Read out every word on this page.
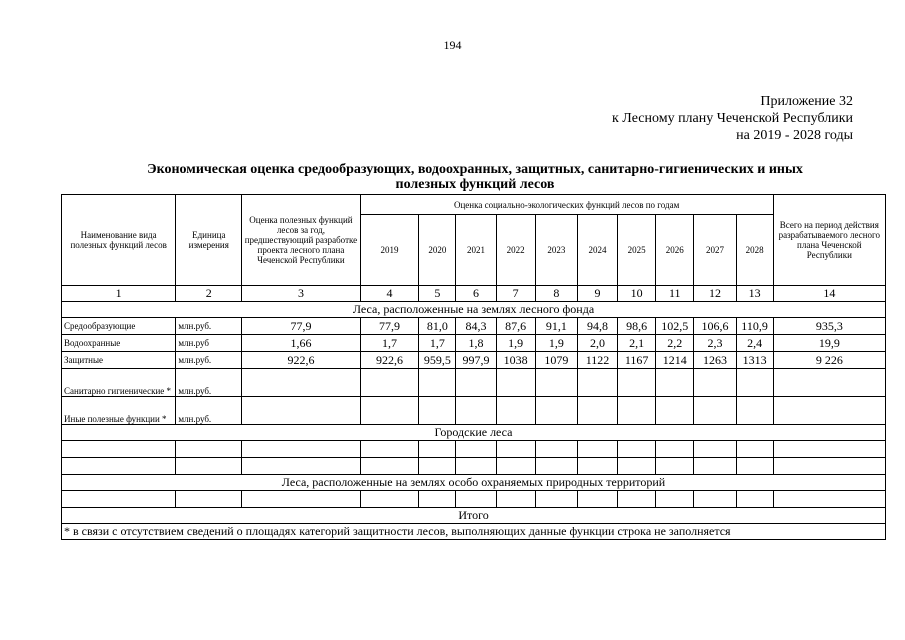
194
Приложение 32
к Лесному плану Чеченской Республики
на 2019 - 2028 годы
Экономическая оценка средообразующих, водоохранных, защитных, санитарно-гигиенических и иных
полезных функций лесов
Наименование вида полезных функций лесов	Единица измерения	Оценка полезных функций лесов за год, предшествующий разработке проекта лесного плана Чеченской Республики	Оценка социально-экологических функций лесов по годам										Всего на период действия разрабатываемого лесного плана Чеченской Республики
			2019	2020	2021	2022	2023	2024	2025	2026	2027	2028	
1	2	3	4	5	6	7	8	9	10	11	12	13	14
Леса, расположенные на землях лесного фонда													
Средообразующие	млн.руб.	77,9	77,9	81,0	84,3	87,6	91,1	94,8	98,6	102,5	106,6	110,9	935,3
Водоохранные	млн.руб	1,66	1,7	1,7	1,8	1,9	1,9	2,0	2,1	2,2	2,3	2,4	19,9
Защитные	млн.руб.	922,6	922,6	959,5	997,9	1038	1079	1122	1167	1214	1263	1313	9 226
Санитарно гигиенические *	млн.руб.												
Иные полезные функции *	млн.руб.												
Городские леса													

Леса, расположенные на землях особо охраняемых природных территорий													

Итого													
* в связи с отсутствием сведений о площадях категорий защитности лесов, выполняющих данные функции строка не заполняется													
